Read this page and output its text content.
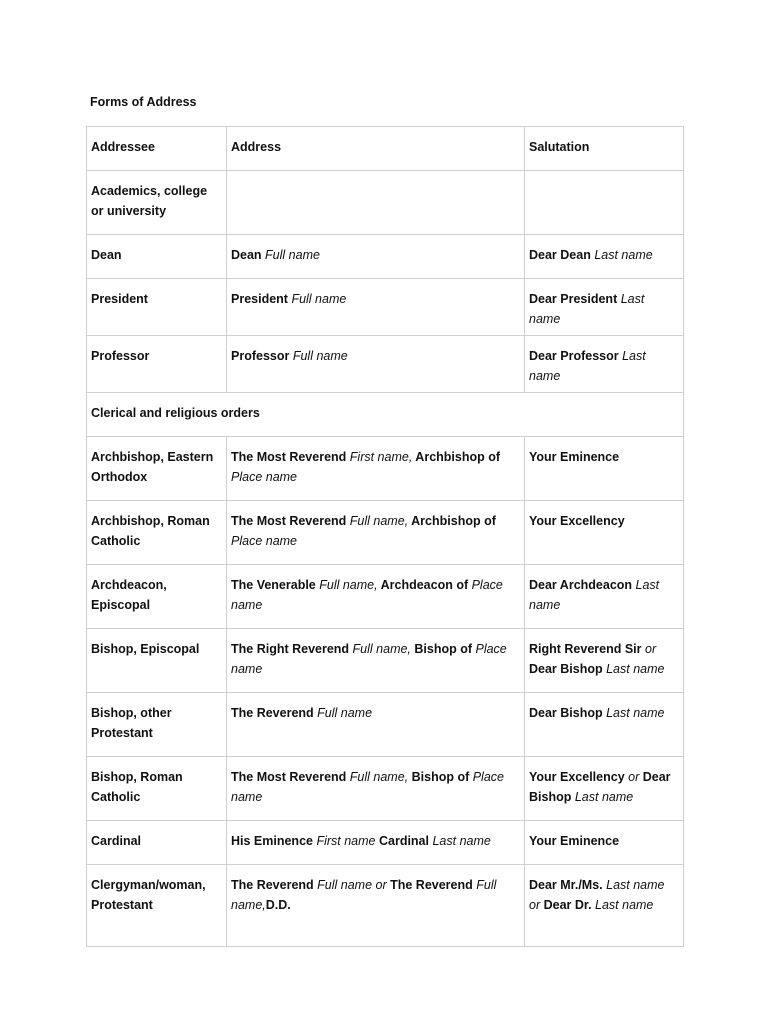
Forms of Address

Addressee	Address	Salutation
Academics, college or university		
Dean	Dean Full name	Dear Dean Last name
President	President Full name	Dear President Last name
Professor	Professor Full name	Dear Professor Last name
Clerical and religious orders		
Archbishop, Eastern Orthodox	The Most Reverend First name, Archbishop of Place name	Your Eminence
Archbishop, Roman Catholic	The Most Reverend Full name, Archbishop of Place name	Your Excellency
Archdeacon, Episcopal	The Venerable Full name, Archdeacon of Place name	Dear Archdeacon Last name
Bishop, Episcopal	The Right Reverend Full name, Bishop of Place name	Right Reverend Sir or Dear Bishop Last name
Bishop, other Protestant	The Reverend Full name	Dear Bishop Last name
Bishop, Roman Catholic	The Most Reverend Full name, Bishop of Place name	Your Excellency or Dear Bishop Last name
Cardinal	His Eminence First name Cardinal Last name	Your Eminence
Clergyman/woman, Protestant	The Reverend Full name or The Reverend Full name,D.D.	Dear Mr./Ms. Last name or Dear Dr. Last name
